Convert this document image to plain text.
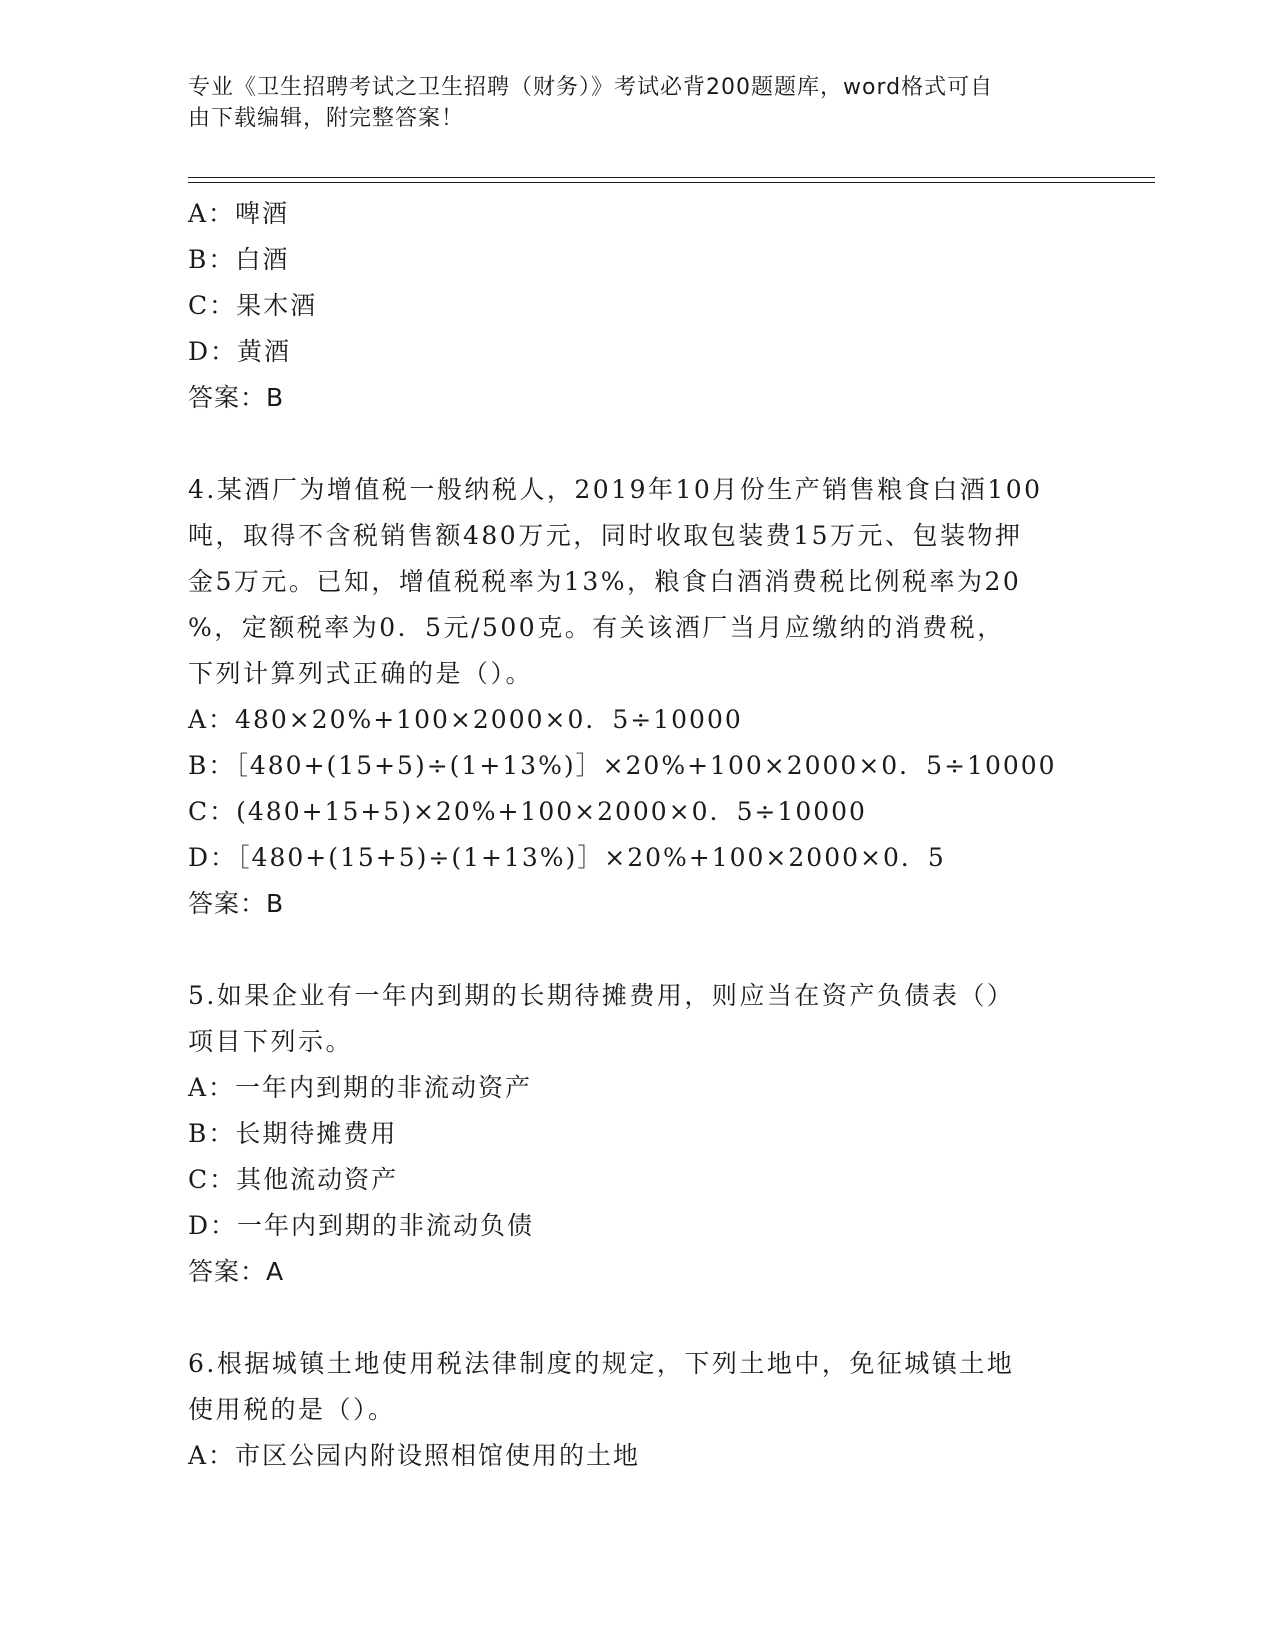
专业《卫生招聘考试之卫生招聘（财务）》考试必背200题题库，word格式可自
由下载编辑，附完整答案！
A：啤酒
B：白酒
C：果木酒
D：黄酒
答案：B
4.某酒厂为增值税一般纳税人，2019年10月份生产销售粮食白酒100
吨，取得不含税销售额480万元，同时收取包装费15万元、包装物押
金5万元。已知，增值税税率为13%，粮食白酒消费税比例税率为20
%，定额税率为0．5元/500克。有关该酒厂当月应缴纳的消费税，
下列计算列式正确的是（）。
A：480×20%+100×2000×0．5÷10000
B：［480+(15+5)÷(1+13%)］×20%+100×2000×0．5÷10000
C：(480+15+5)×20%+100×2000×0．5÷10000
D：［480+(15+5)÷(1+13%)］×20%+100×2000×0．5
答案：B
5.如果企业有一年内到期的长期待摊费用，则应当在资产负债表（）
项目下列示。
A：一年内到期的非流动资产
B：长期待摊费用
C：其他流动资产
D：一年内到期的非流动负债
答案：A
6.根据城镇土地使用税法律制度的规定，下列土地中，免征城镇土地
使用税的是（）。
A：市区公园内附设照相馆使用的土地
